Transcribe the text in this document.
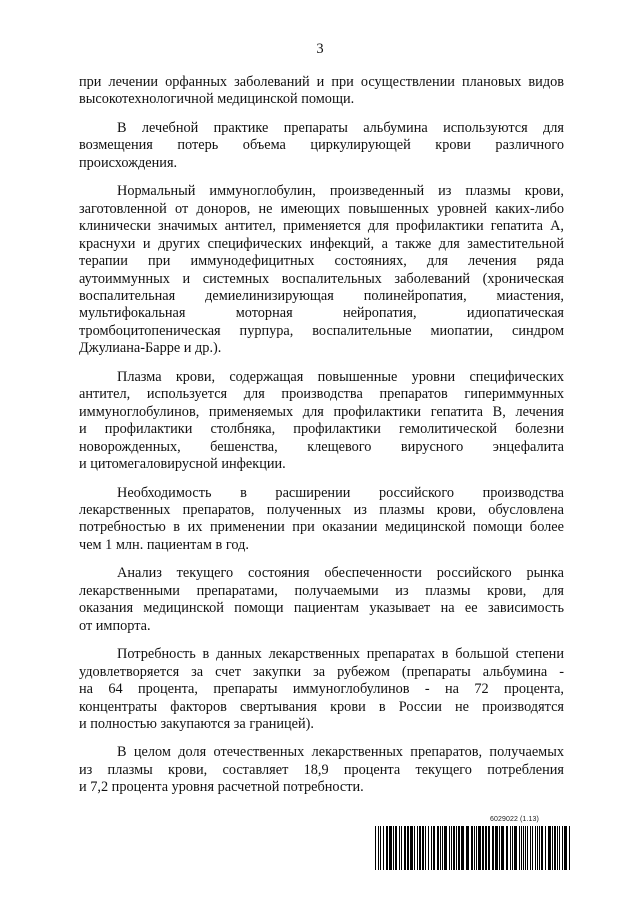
3

при лечении орфанных заболеваний и при осуществлении плановых видов

высокотехнологичной медицинской помощи.

В лечебной практике препараты альбумина используются для

возмещения потерь объема циркулирующей крови различного

происхождения.

Нормальный иммуноглобулин, произведенный из плазмы крови,

заготовленной от доноров, не имеющих повышенных уровней каких-либо

клинически значимых антител, применяется для профилактики гепатита А,

краснухи и других специфических инфекций, а также для заместительной

терапии при иммунодефицитных состояниях, для лечения ряда

аутоиммунных и системных воспалительных заболеваний (хроническая

воспалительная демиелинизирующая полинейропатия, миастения,

мультифокальная моторная нейропатия, идиопатическая

тромбоцитопеническая пурпура, воспалительные миопатии, синдром

Джулиана-Барре и др.).

Плазма крови, содержащая повышенные уровни специфических

антител, используется для производства препаратов гипериммунных

иммуноглобулинов, применяемых для профилактики гепатита В, лечения

и профилактики столбняка, профилактики гемолитической болезни

новорожденных, бешенства, клещевого вирусного энцефалита

и цитомегаловирусной инфекции.

Необходимость в расширении российского производства

лекарственных препаратов, полученных из плазмы крови, обусловлена

потребностью в их применении при оказании медицинской помощи более

чем 1 млн. пациентам в год.

Анализ текущего состояния обеспеченности российского рынка

лекарственными препаратами, получаемыми из плазмы крови, для

оказания медицинской помощи пациентам указывает на ее зависимость

от импорта.

Потребность в данных лекарственных препаратах в большой степени

удовлетворяется за счет закупки за рубежом (препараты альбумина -

на 64 процента, препараты иммуноглобулинов - на 72 процента,

концентраты факторов свертывания крови в России не производятся

и полностью закупаются за границей).

В целом доля отечественных лекарственных препаратов, получаемых

из плазмы крови, составляет 18,9 процента текущего потребления

и 7,2 процента уровня расчетной потребности.

6029022 (1.13)
